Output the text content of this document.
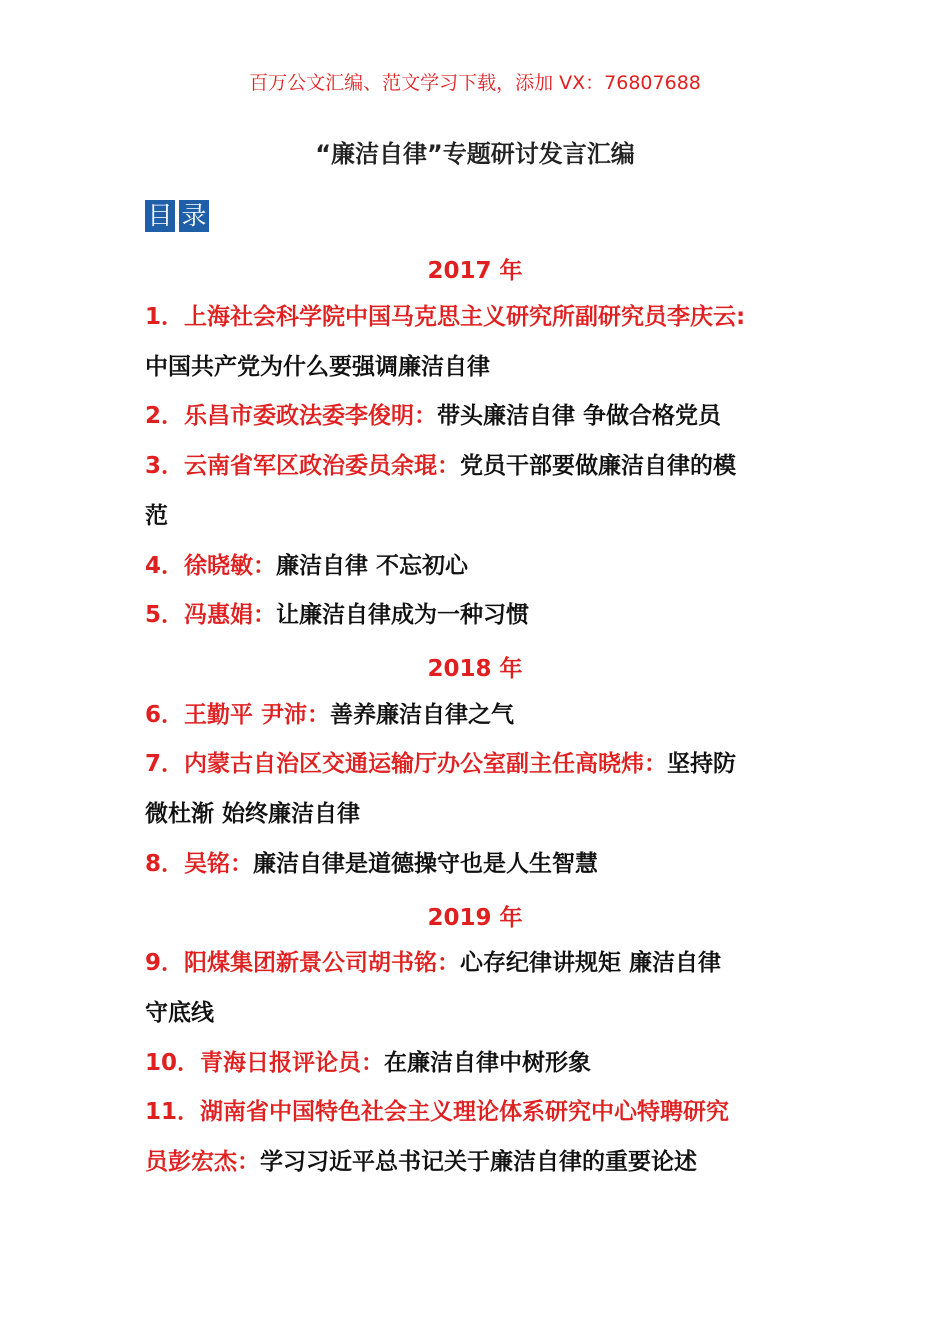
百万公文汇编、范文学习下载，添加 VX：76807688
“廉洁自律”专题研讨发言汇编
目 录
2017 年
2018 年
2019 年
1．上海社会科学院中国马克思主义研究所副研究员李庆云:
中国共产党为什么要强调廉洁自律
2．乐昌市委政法委李俊明：带头廉洁自律 争做合格党员
3．云南省军区政治委员余琨：党员干部要做廉洁自律的模
范
4．徐晓敏：廉洁自律 不忘初心
5．冯惠娟：让廉洁自律成为一种习惯
6．王勤平 尹沛：善养廉洁自律之气
7．内蒙古自治区交通运输厅办公室副主任高晓炜：坚持防
微杜渐 始终廉洁自律
8．吴铭：廉洁自律是道德操守也是人生智慧
9．阳煤集团新景公司胡书铭：心存纪律讲规矩 廉洁自律
守底线
10．青海日报评论员：在廉洁自律中树形象
11．湖南省中国特色社会主义理论体系研究中心特聘研究
员彭宏杰：学习习近平总书记关于廉洁自律的重要论述
